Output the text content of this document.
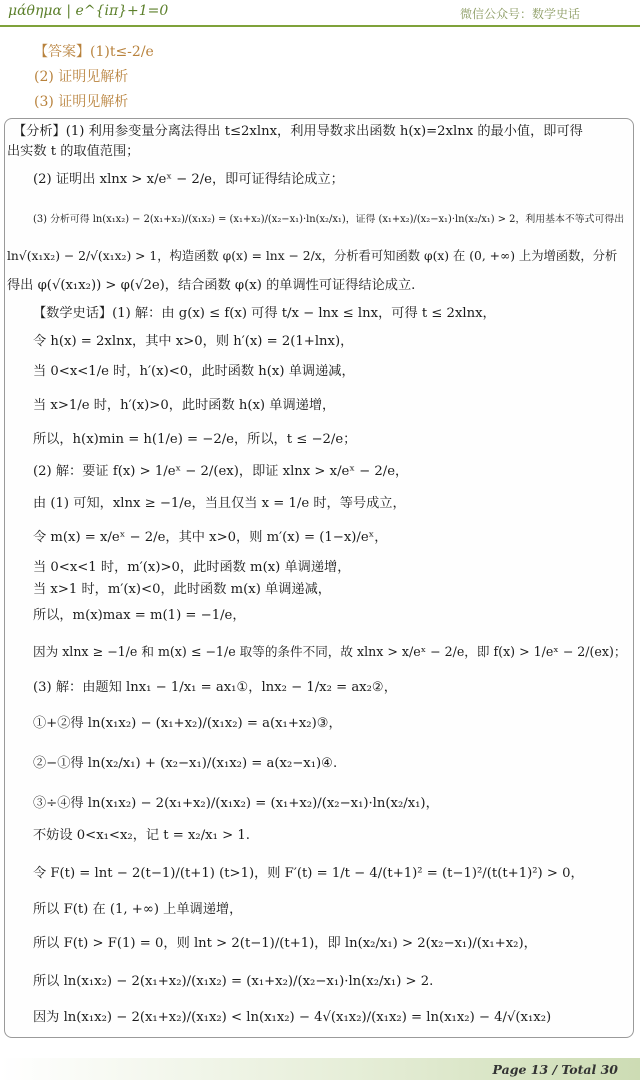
μάθημα | e^{iπ}+1=0	微信公众号：数学史话
【答案】(1)t≤-2/e
(2) 证明见解析
(3) 证明见解析
【分析】(1) 利用参变量分离法得出 t≤2xlnx，利用导数求出函数 h(x)=2xlnx 的最小值，即可得
出实数 t 的取值范围；
(2) 证明出 xlnx > x/eˣ − 2/e，即可证得结论成立；
(3) 分析可得 ln(x₁x₂) − 2(x₁+x₂)/(x₁x₂) = (x₁+x₂)/(x₂−x₁)·ln(x₂/x₁)，证得 (x₁+x₂)/(x₂−x₁)·ln(x₂/x₁) > 2，利用基本不等式可得出
ln√(x₁x₂) − 2/√(x₁x₂) > 1，构造函数 φ(x) = lnx − 2/x，分析看可知函数 φ(x) 在 (0, +∞) 上为增函数，分析
得出 φ(√(x₁x₂)) > φ(√2e)，结合函数 φ(x) 的单调性可证得结论成立.
【数学史话】(1) 解：由 g(x) ≤ f(x) 可得 t/x − lnx ≤ lnx，可得 t ≤ 2xlnx，
令 h(x) = 2xlnx，其中 x>0，则 h′(x) = 2(1+lnx)，
当 0<x<1/e 时，h′(x)<0，此时函数 h(x) 单调递减，
当 x>1/e 时，h′(x)>0，此时函数 h(x) 单调递增，
所以，h(x)min = h(1/e) = −2/e，所以，t ≤ −2/e；
(2) 解：要证 f(x) > 1/eˣ − 2/(ex)，即证 xlnx > x/eˣ − 2/e，
由 (1) 可知，xlnx ≥ −1/e，当且仅当 x = 1/e 时，等号成立，
令 m(x) = x/eˣ − 2/e，其中 x>0，则 m′(x) = (1−x)/eˣ，
当 0<x<1 时，m′(x)>0，此时函数 m(x) 单调递增，
当 x>1 时，m′(x)<0，此时函数 m(x) 单调递减，
所以，m(x)max = m(1) = −1/e，
因为 xlnx ≥ −1/e 和 m(x) ≤ −1/e 取等的条件不同，故 xlnx > x/eˣ − 2/e，即 f(x) > 1/eˣ − 2/(ex)；
(3) 解：由题知 lnx₁ − 1/x₁ = ax₁①，lnx₂ − 1/x₂ = ax₂②，
①+②得 ln(x₁x₂) − (x₁+x₂)/(x₁x₂) = a(x₁+x₂)③，
②−①得 ln(x₂/x₁) + (x₂−x₁)/(x₁x₂) = a(x₂−x₁)④.
③÷④得 ln(x₁x₂) − 2(x₁+x₂)/(x₁x₂) = (x₁+x₂)/(x₂−x₁)·ln(x₂/x₁)，
不妨设 0<x₁<x₂，记 t = x₂/x₁ > 1.
令 F(t) = lnt − 2(t−1)/(t+1) (t>1)，则 F′(t) = 1/t − 4/(t+1)² = (t−1)²/(t(t+1)²) > 0，
所以 F(t) 在 (1, +∞) 上单调递增，
所以 F(t) > F(1) = 0，则 lnt > 2(t−1)/(t+1)，即 ln(x₂/x₁) > 2(x₂−x₁)/(x₁+x₂)，
所以 ln(x₁x₂) − 2(x₁+x₂)/(x₁x₂) = (x₁+x₂)/(x₂−x₁)·ln(x₂/x₁) > 2.
因为 ln(x₁x₂) − 2(x₁+x₂)/(x₁x₂) < ln(x₁x₂) − 4√(x₁x₂)/(x₁x₂) = ln(x₁x₂) − 4/√(x₁x₂)
Page 13 / Total 30
